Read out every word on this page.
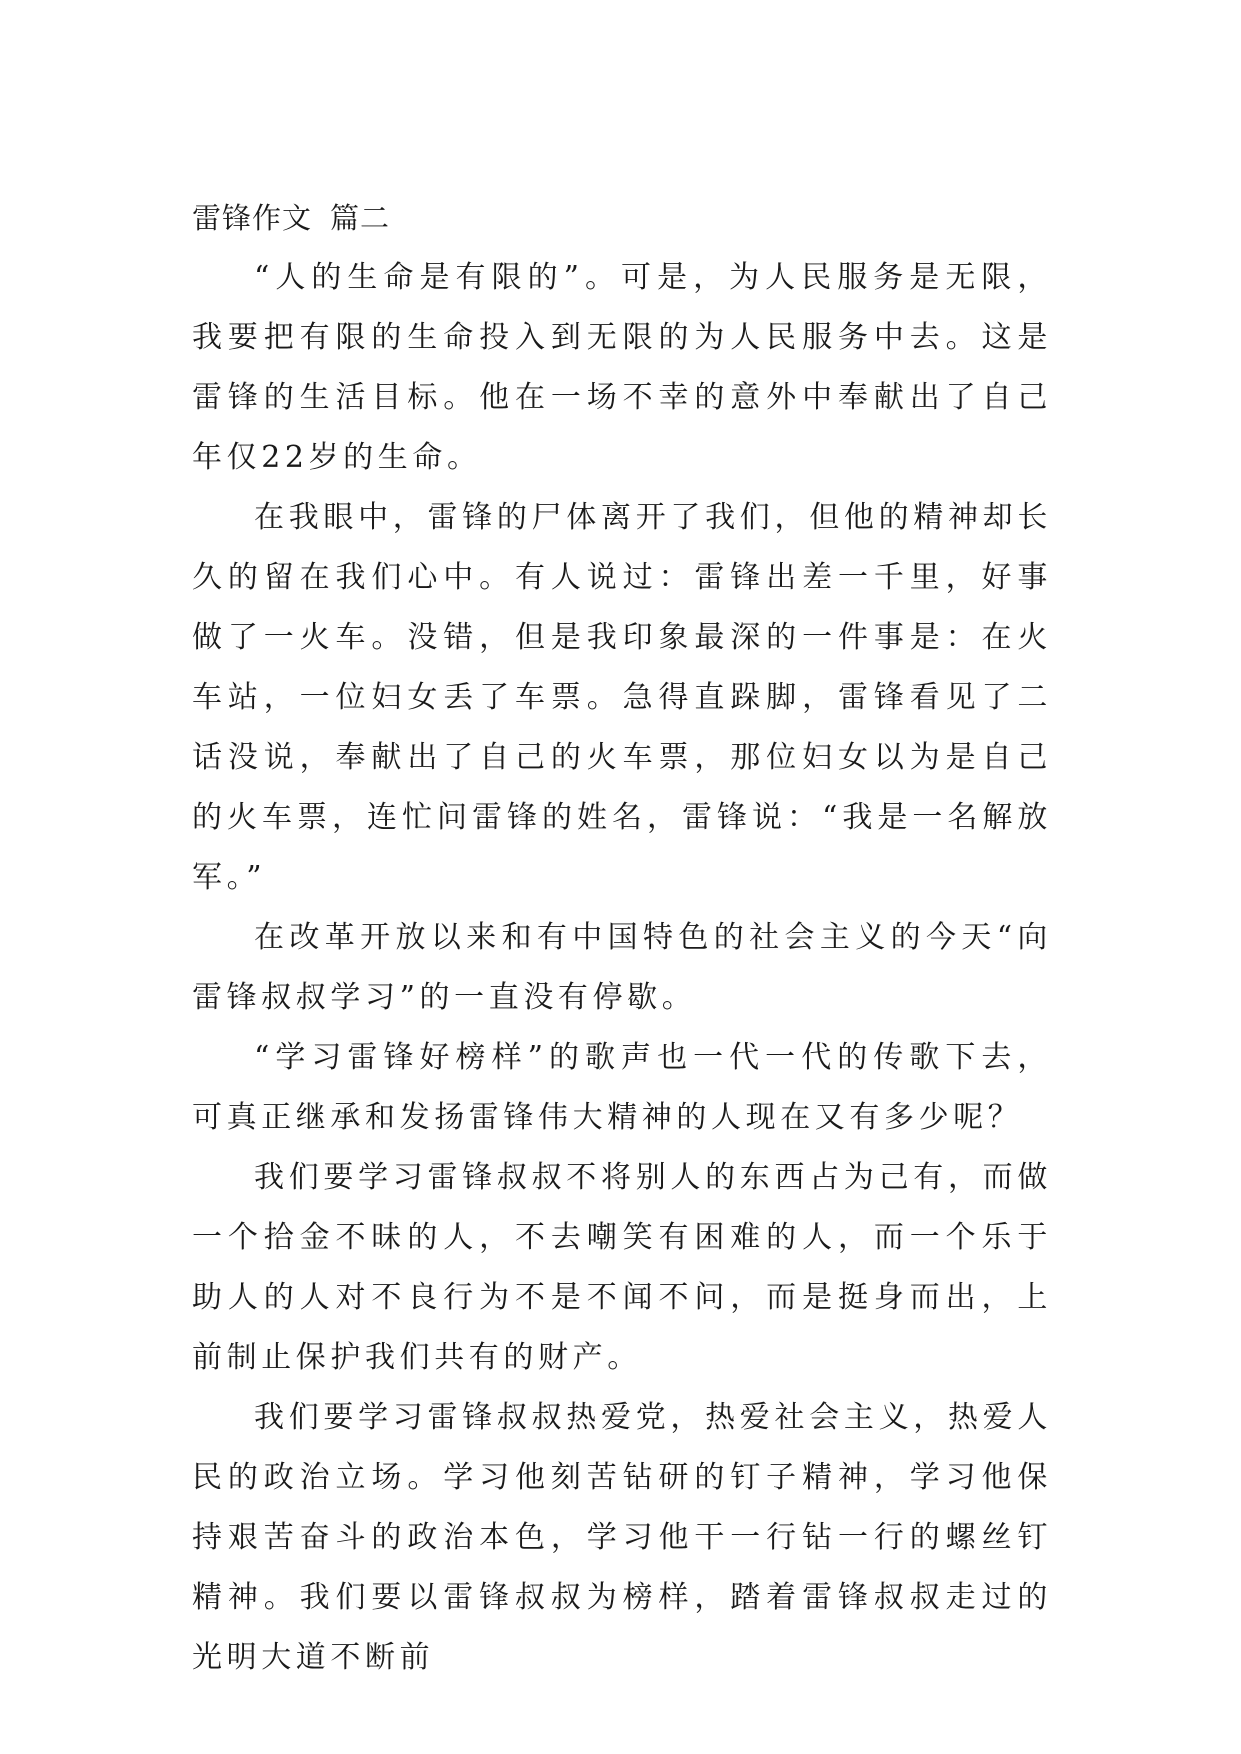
雷锋作文 篇二

“人的生命是有限的”。可是，为人民服务是无限，我要把有限的生命投入到无限的为人民服务中去。这是雷锋的生活目标。他在一场不幸的意外中奉献出了自己年仅22岁的生命。

在我眼中，雷锋的尸体离开了我们，但他的精神却长久的留在我们心中。有人说过：雷锋出差一千里，好事做了一火车。没错，但是我印象最深的一件事是：在火车站，一位妇女丢了车票。急得直跺脚，雷锋看见了二话没说，奉献出了自己的火车票，那位妇女以为是自己的火车票，连忙问雷锋的姓名，雷锋说：“我是一名解放军。”

在改革开放以来和有中国特色的社会主义的今天“向雷锋叔叔学习”的一直没有停歇。

“学习雷锋好榜样”的歌声也一代一代的传歌下去，可真正继承和发扬雷锋伟大精神的人现在又有多少呢？

我们要学习雷锋叔叔不将别人的东西占为己有，而做一个拾金不昧的人，不去嘲笑有困难的人，而一个乐于助人的人对不良行为不是不闻不问，而是挺身而出，上前制止保护我们共有的财产。

我们要学习雷锋叔叔热爱党，热爱社会主义，热爱人民的政治立场。学习他刻苦钻研的钉子精神，学习他保持艰苦奋斗的政治本色，学习他干一行钻一行的螺丝钉精神。我们要以雷锋叔叔为榜样，踏着雷锋叔叔走过的光明大道不断前
